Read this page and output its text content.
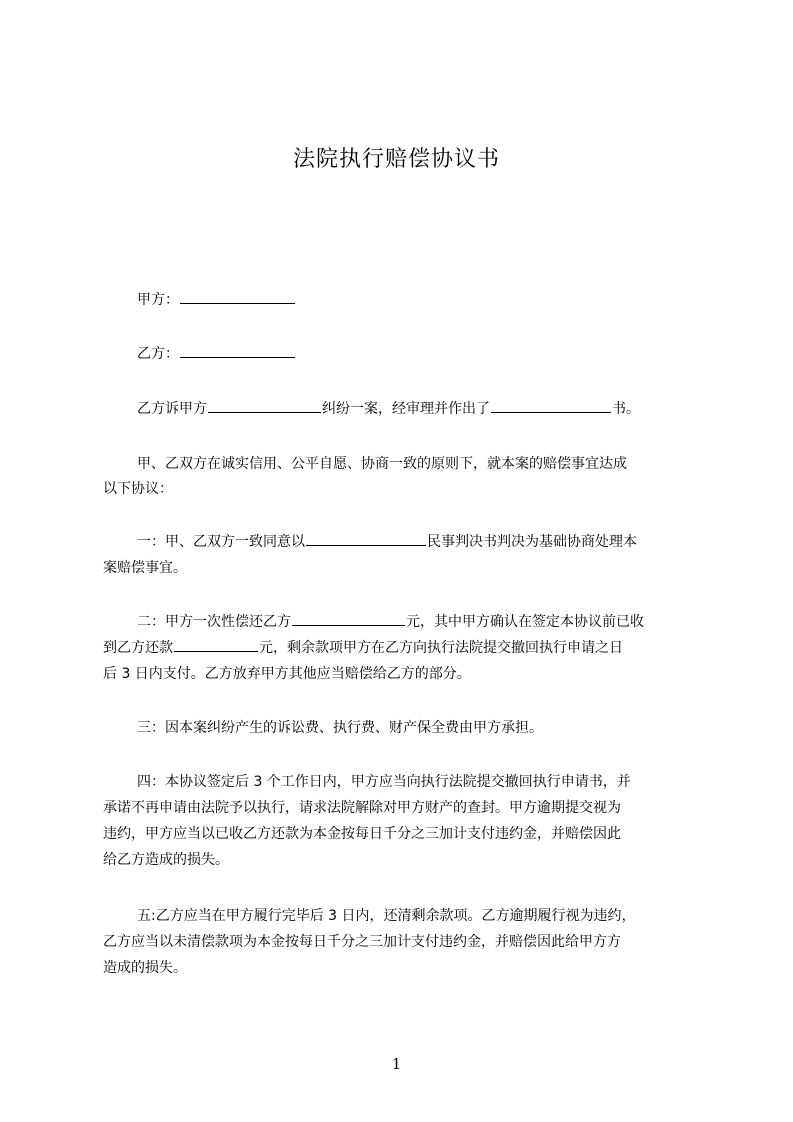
法院执行赔偿协议书
甲方：
乙方：
乙方诉甲方	纠纷一案，经审理并作出了	书。
甲、乙双方在诚实信用、公平自愿、协商一致的原则下，就本案的赔偿事宜达成
以下协议：
一：甲、乙双方一致同意以	民事判决书判决为基础协商处理本
案赔偿事宜。
二：甲方一次性偿还乙方	元，其中甲方确认在签定本协议前已收
到乙方还款	元，剩余款项甲方在乙方向执行法院提交撤回执行申请之日
后 3 日内支付。乙方放弃甲方其他应当赔偿给乙方的部分。
三：因本案纠纷产生的诉讼费、执行费、财产保全费由甲方承担。
四：本协议签定后 3 个工作日内，甲方应当向执行法院提交撤回执行申请书，并
承诺不再申请由法院予以执行，请求法院解除对甲方财产的查封。甲方逾期提交视为
违约，甲方应当以已收乙方还款为本金按每日千分之三加计支付违约金，并赔偿因此
给乙方造成的损失。
五:乙方应当在甲方履行完毕后 3 日内，还清剩余款项。乙方逾期履行视为违约，
乙方应当以未清偿款项为本金按每日千分之三加计支付违约金，并赔偿因此给甲方方
造成的损失。
1
